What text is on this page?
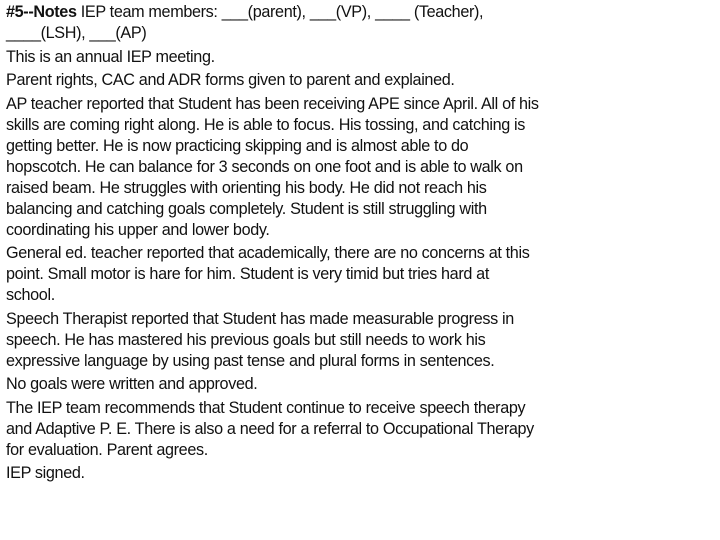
#5--Notes IEP team members: ___(parent), ___(VP), ____ (Teacher),
____(LSH), ___(AP)
This is an annual IEP meeting.
Parent rights, CAC and ADR forms given to parent and explained.
AP teacher reported that Student has been receiving APE since April. All of his
skills are coming right along. He is able to focus. His tossing, and catching is
getting better. He is now practicing skipping and is almost able to do
hopscotch. He can balance for 3 seconds on one foot and is able to walk on
raised beam. He struggles with orienting his body. He did not reach his
balancing and catching goals completely. Student is still struggling with
coordinating his upper and lower body.
General ed. teacher reported that academically, there are no concerns at this
point. Small motor is hare for him. Student is very timid but tries hard at
school.
Speech Therapist reported that Student has made measurable progress in
speech. He has mastered his previous goals but still needs to work his
expressive language by using past tense and plural forms in sentences.
No goals were written and approved.
The IEP team recommends that Student continue to receive speech therapy
and Adaptive P. E. There is also a need for a referral to Occupational Therapy
for evaluation. Parent agrees.
IEP signed.
